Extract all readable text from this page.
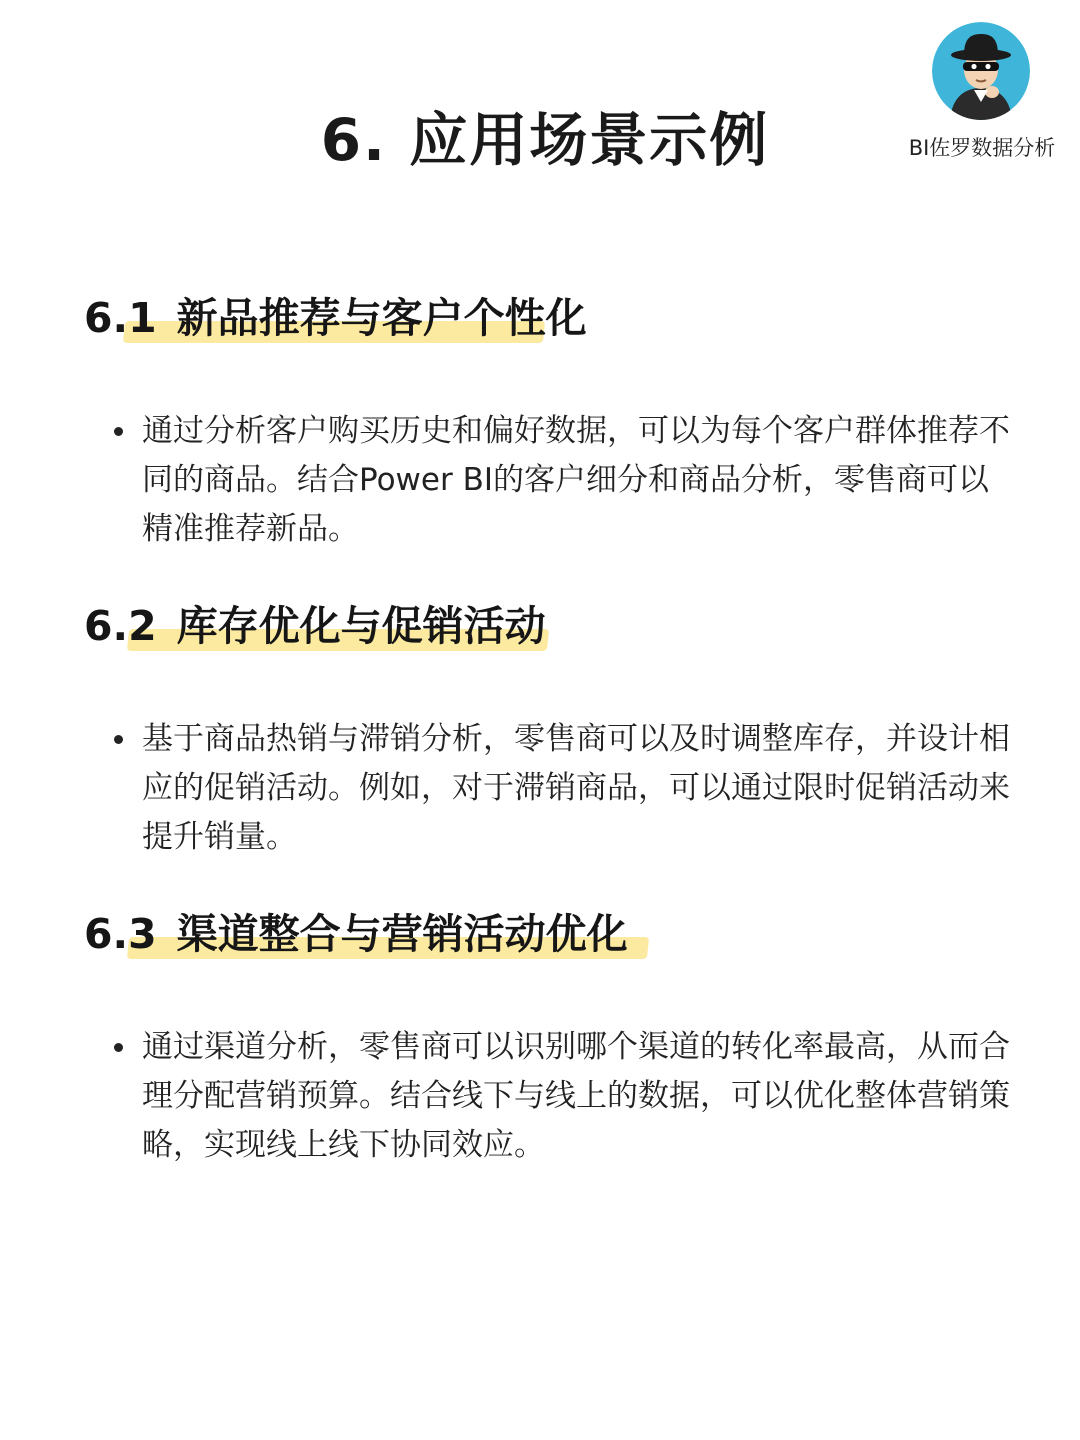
6. 应用场景示例	BI佐罗数据分析
6.1 新品推荐与客户个性化
通过分析客户购买历史和偏好数据，可以为每个客户群体推荐不同的商品。结合Power BI的客户细分和商品分析，零售商可以精准推荐新品。
6.2 库存优化与促销活动
基于商品热销与滞销分析，零售商可以及时调整库存，并设计相应的促销活动。例如，对于滞销商品，可以通过限时促销活动来提升销量。
6.3 渠道整合与营销活动优化
通过渠道分析，零售商可以识别哪个渠道的转化率最高，从而合理分配营销预算。结合线下与线上的数据，可以优化整体营销策略，实现线上线下协同效应。
